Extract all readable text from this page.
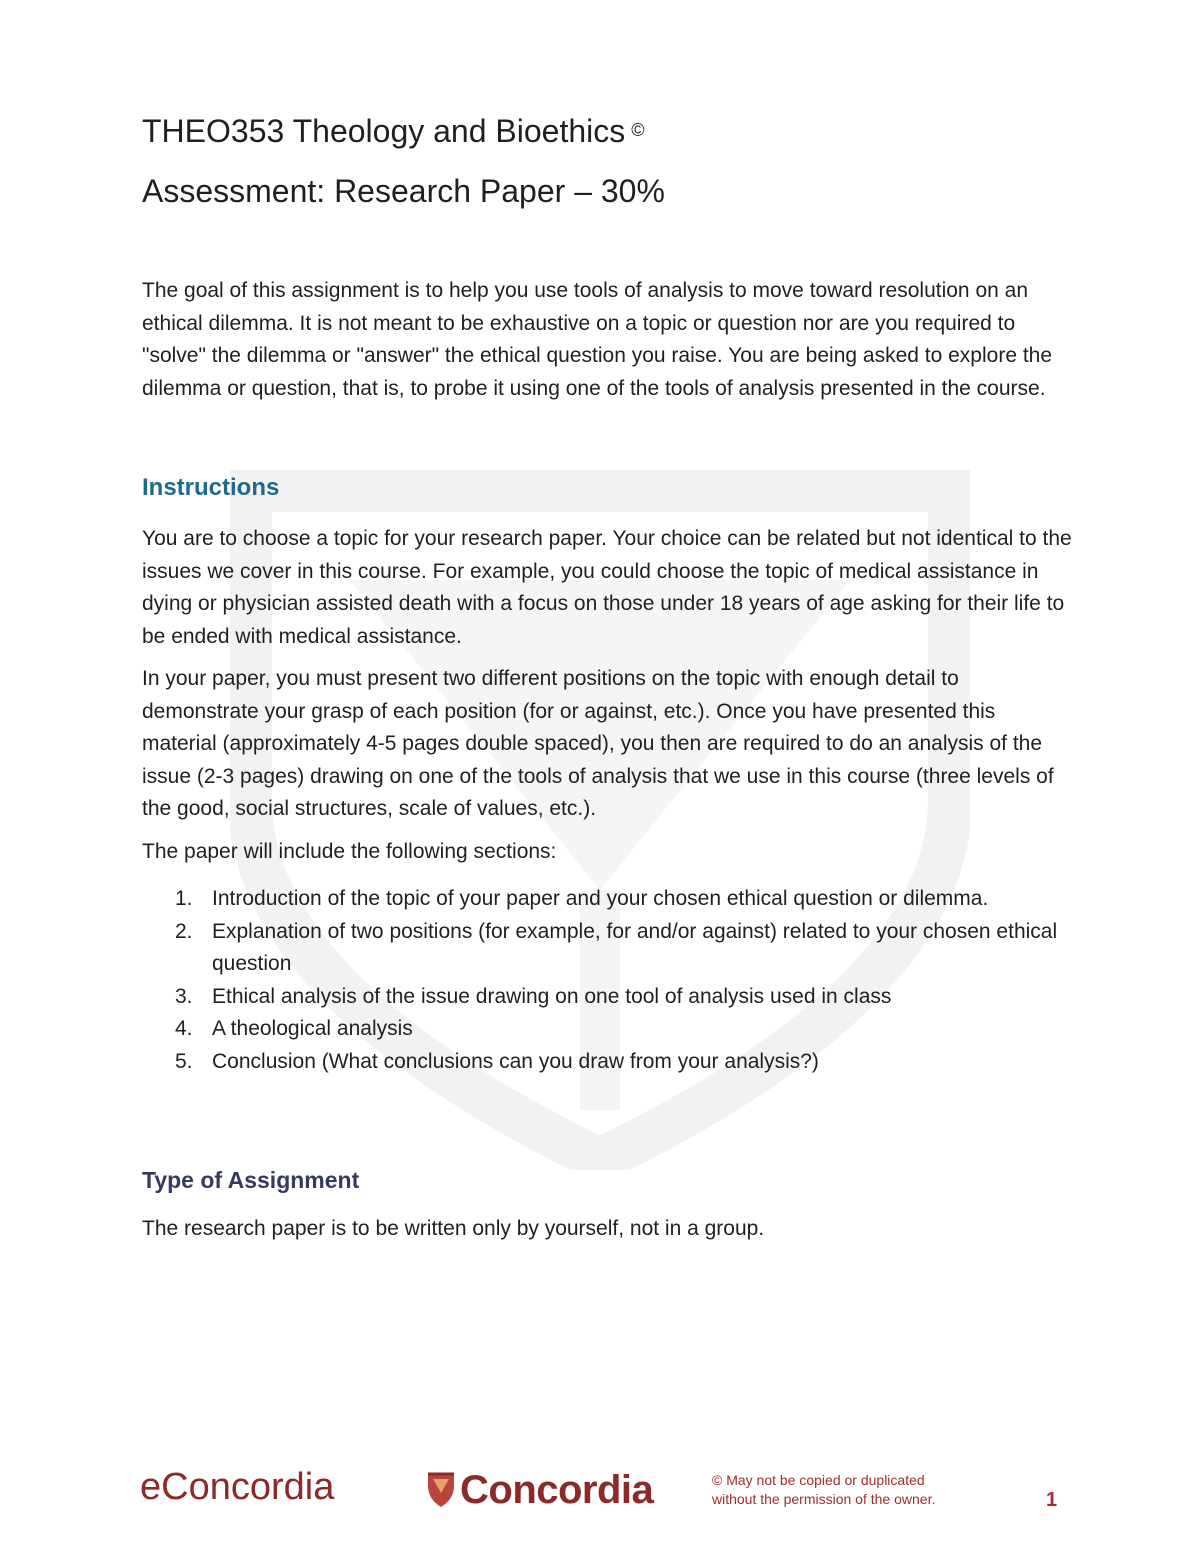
THEO353 Theology and Bioethics ©
Assessment: Research Paper – 30%

The goal of this assignment is to help you use tools of analysis to move toward resolution on an ethical dilemma. It is not meant to be exhaustive on a topic or question nor are you required to "solve" the dilemma or "answer" the ethical question you raise. You are being asked to explore the dilemma or question, that is, to probe it using one of the tools of analysis presented in the course.

Instructions

You are to choose a topic for your research paper. Your choice can be related but not identical to the issues we cover in this course. For example, you could choose the topic of medical assistance in dying or physician assisted death with a focus on those under 18 years of age asking for their life to be ended with medical assistance.

In your paper, you must present two different positions on the topic with enough detail to demonstrate your grasp of each position (for or against, etc.). Once you have presented this material (approximately 4-5 pages double spaced), you then are required to do an analysis of the issue (2-3 pages) drawing on one of the tools of analysis that we use in this course (three levels of the good, social structures, scale of values, etc.).

The paper will include the following sections:

1. Introduction of the topic of your paper and your chosen ethical question or dilemma.
2. Explanation of two positions (for example, for and/or against) related to your chosen ethical question
3. Ethical analysis of the issue drawing on one tool of analysis used in class
4. A theological analysis
5. Conclusion (What conclusions can you draw from your analysis?)
Type of Assignment

The research paper is to be written only by yourself, not in a group.

eConcordia	Concordia	© May not be copied or duplicated
without the permission of the owner.	1
